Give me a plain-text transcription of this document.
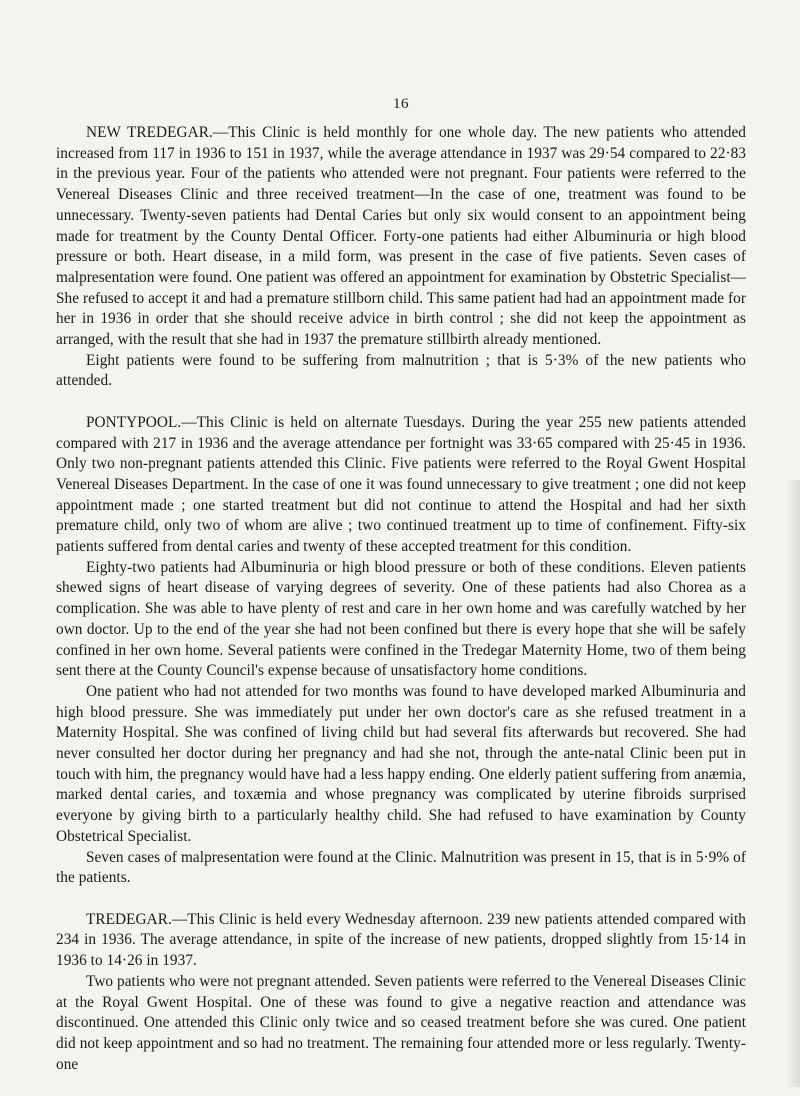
16

NEW TREDEGAR.—This Clinic is held monthly for one whole day. The new patients who attended increased from 117 in 1936 to 151 in 1937, while the average attendance in 1937 was 29·54 compared to 22·83 in the previous year. Four of the patients who attended were not pregnant. Four patients were referred to the Venereal Diseases Clinic and three received treatment—In the case of one, treatment was found to be unnecessary. Twenty-seven patients had Dental Caries but only six would consent to an appointment being made for treatment by the County Dental Officer. Forty-one patients had either Albuminuria or high blood pressure or both. Heart disease, in a mild form, was present in the case of five patients. Seven cases of malpresentation were found. One patient was offered an appointment for examination by Obstetric Specialist—She refused to accept it and had a premature stillborn child. This same patient had had an appointment made for her in 1936 in order that she should receive advice in birth control ; she did not keep the appointment as arranged, with the result that she had in 1937 the premature stillbirth already mentioned.

Eight patients were found to be suffering from malnutrition ; that is 5·3% of the new patients who attended.

PONTYPOOL.—This Clinic is held on alternate Tuesdays. During the year 255 new patients attended compared with 217 in 1936 and the average attendance per fortnight was 33·65 compared with 25·45 in 1936. Only two non-pregnant patients attended this Clinic. Five patients were referred to the Royal Gwent Hospital Venereal Diseases Department. In the case of one it was found unnecessary to give treatment ; one did not keep appointment made ; one started treatment but did not continue to attend the Hospital and had her sixth premature child, only two of whom are alive ; two continued treatment up to time of confinement. Fifty-six patients suffered from dental caries and twenty of these accepted treatment for this condition.

Eighty-two patients had Albuminuria or high blood pressure or both of these conditions. Eleven patients shewed signs of heart disease of varying degrees of severity. One of these patients had also Chorea as a complication. She was able to have plenty of rest and care in her own home and was carefully watched by her own doctor. Up to the end of the year she had not been confined but there is every hope that she will be safely confined in her own home. Several patients were confined in the Tredegar Maternity Home, two of them being sent there at the County Council's expense because of unsatisfactory home conditions.

One patient who had not attended for two months was found to have developed marked Albuminuria and high blood pressure. She was immediately put under her own doctor's care as she refused treatment in a Maternity Hospital. She was confined of living child but had several fits afterwards but recovered. She had never consulted her doctor during her pregnancy and had she not, through the ante-natal Clinic been put in touch with him, the pregnancy would have had a less happy ending. One elderly patient suffering from anæmia, marked dental caries, and toxæmia and whose pregnancy was complicated by uterine fibroids surprised everyone by giving birth to a particularly healthy child. She had refused to have examination by County Obstetrical Specialist.

Seven cases of malpresentation were found at the Clinic. Malnutrition was present in 15, that is in 5·9% of the patients.

TREDEGAR.—This Clinic is held every Wednesday afternoon. 239 new patients attended compared with 234 in 1936. The average attendance, in spite of the increase of new patients, dropped slightly from 15·14 in 1936 to 14·26 in 1937.

Two patients who were not pregnant attended. Seven patients were referred to the Venereal Diseases Clinic at the Royal Gwent Hospital. One of these was found to give a negative reaction and attendance was discontinued. One attended this Clinic only twice and so ceased treatment before she was cured. One patient did not keep appointment and so had no treatment. The remaining four attended more or less regularly. Twenty-one
